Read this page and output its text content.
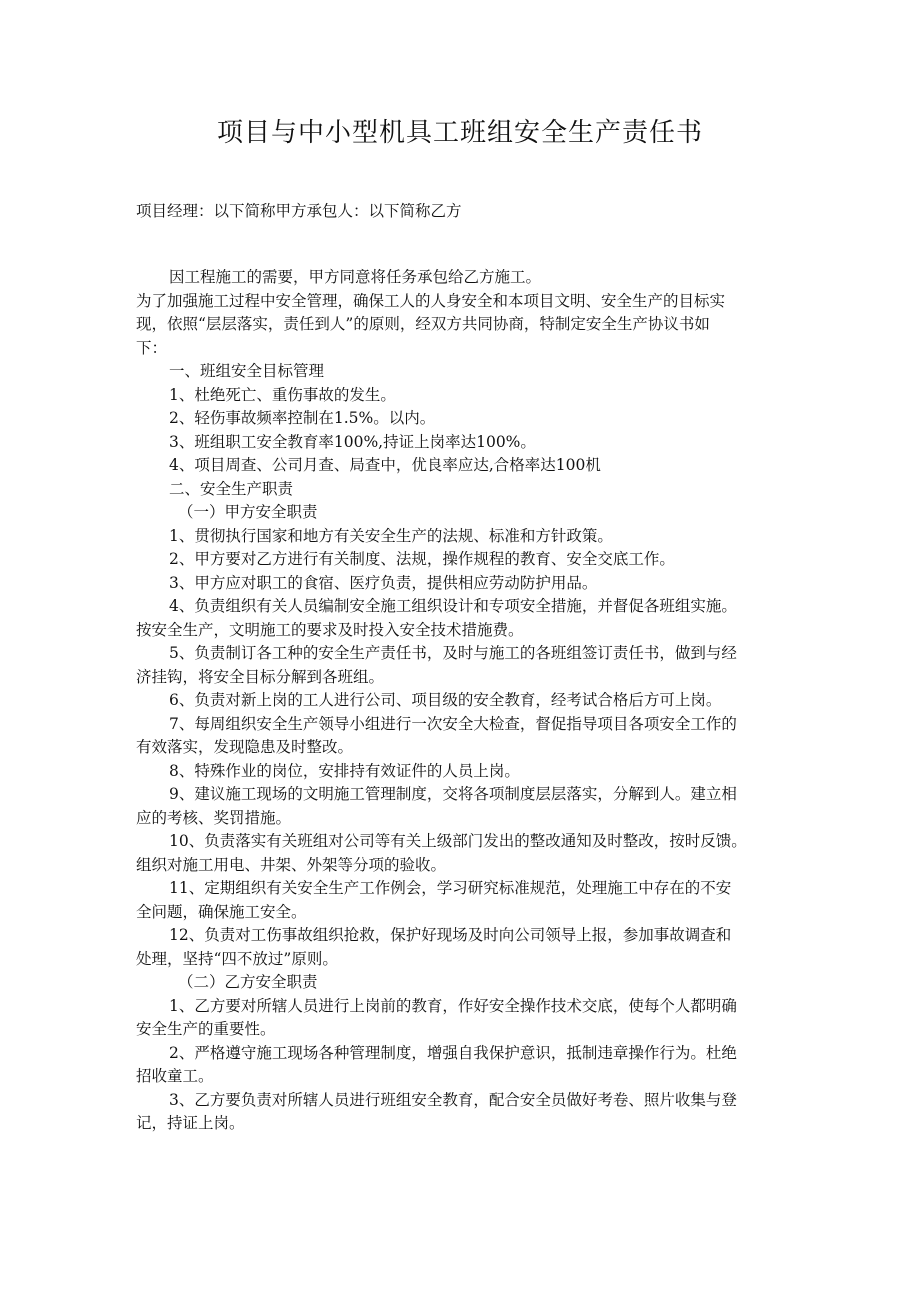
项目与中小型机具工班组安全生产责任书
项目经理：以下简称甲方承包人：以下简称乙方

因工程施工的需要，甲方同意将任务承包给乙方施工。

为了加强施工过程中安全管理，确保工人的人身安全和本项目文明、安全生产的目标实

现，依照“层层落实，责任到人”的原则，经双方共同协商，特制定安全生产协议书如

下：

一、班组安全目标管理

1、杜绝死亡、重伤事故的发生。

2、轻伤事故频率控制在1.5%。以内。

3、班组职工安全教育率100%,持证上岗率达100%。

4、项目周查、公司月查、局查中，优良率应达,合格率达100机

二、安全生产职责

（一）甲方安全职责

1、贯彻执行国家和地方有关安全生产的法规、标准和方针政策。

2、甲方要对乙方进行有关制度、法规，操作规程的教育、安全交底工作。

3、甲方应对职工的食宿、医疗负责，提供相应劳动防护用品。

4、负责组织有关人员编制安全施工组织设计和专项安全措施，并督促各班组实施。

按安全生产，文明施工的要求及时投入安全技术措施费。

5、负责制订各工种的安全生产责任书，及时与施工的各班组签订责任书，做到与经

济挂钩，将安全目标分解到各班组。

6、负责对新上岗的工人进行公司、项目级的安全教育，经考试合格后方可上岗。

7、每周组织安全生产领导小组进行一次安全大检查，督促指导项目各项安全工作的

有效落实，发现隐患及时整改。

8、特殊作业的岗位，安排持有效证件的人员上岗。

9、建议施工现场的文明施工管理制度，交将各项制度层层落实，分解到人。建立相

应的考核、奖罚措施。

10、负责落实有关班组对公司等有关上级部门发出的整改通知及时整改，按时反馈。

组织对施工用电、井架、外架等分项的验收。

11、定期组织有关安全生产工作例会，学习研究标准规范，处理施工中存在的不安

全问题，确保施工安全。

12、负责对工伤事故组织抢救，保护好现场及时向公司领导上报，参加事故调查和

处理，坚持“四不放过”原则。

（二）乙方安全职责

1、乙方要对所辖人员进行上岗前的教育，作好安全操作技术交底，使每个人都明确

安全生产的重要性。

2、严格遵守施工现场各种管理制度，增强自我保护意识，抵制违章操作行为。杜绝

招收童工。

3、乙方要负责对所辖人员进行班组安全教育，配合安全员做好考卷、照片收集与登

记，持证上岗。
